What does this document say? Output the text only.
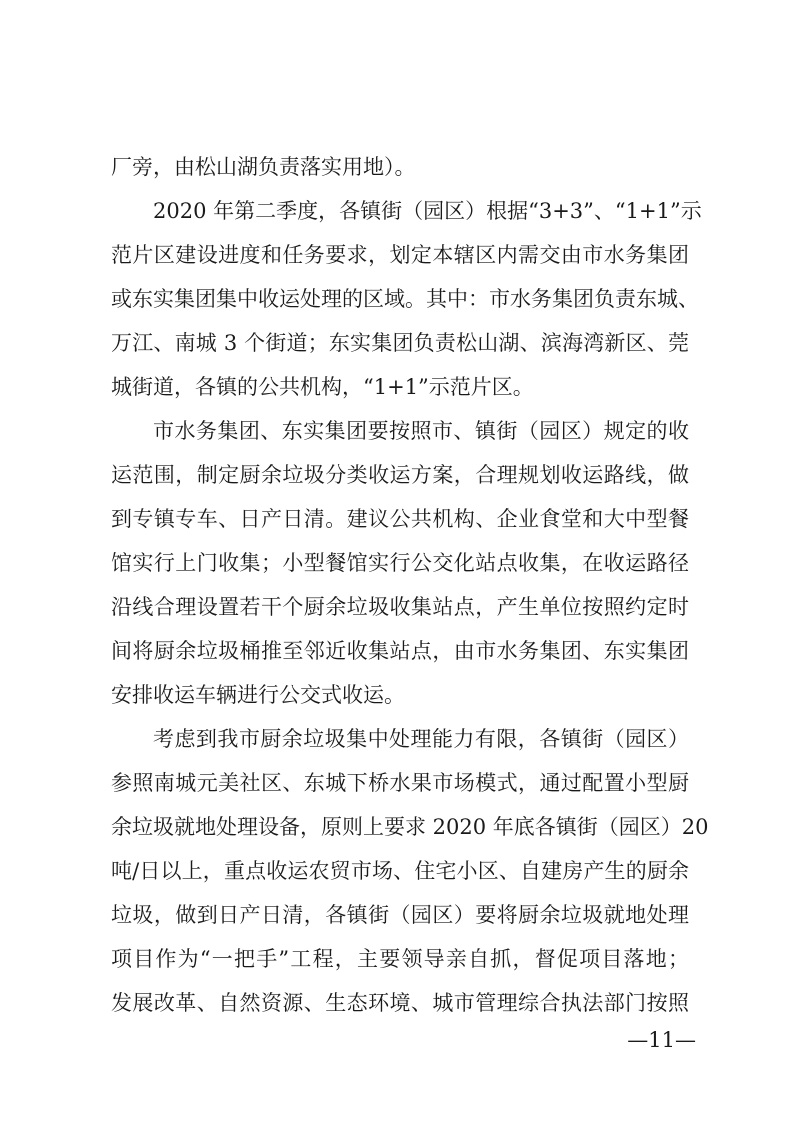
厂旁，由松山湖负责落实用地）。
2020 年第二季度，各镇街（园区）根据“3+3”、“1+1”示
范片区建设进度和任务要求，划定本辖区内需交由市水务集团
或东实集团集中收运处理的区域。其中：市水务集团负责东城、
万江、南城 3 个街道；东实集团负责松山湖、滨海湾新区、莞
城街道，各镇的公共机构，“1+1”示范片区。
市水务集团、东实集团要按照市、镇街（园区）规定的收
运范围，制定厨余垃圾分类收运方案，合理规划收运路线，做
到专镇专车、日产日清。建议公共机构、企业食堂和大中型餐
馆实行上门收集；小型餐馆实行公交化站点收集，在收运路径
沿线合理设置若干个厨余垃圾收集站点，产生单位按照约定时
间将厨余垃圾桶推至邻近收集站点，由市水务集团、东实集团
安排收运车辆进行公交式收运。
考虑到我市厨余垃圾集中处理能力有限，各镇街（园区）
参照南城元美社区、东城下桥水果市场模式，通过配置小型厨
余垃圾就地处理设备，原则上要求 2020 年底各镇街（园区）20
吨/日以上，重点收运农贸市场、住宅小区、自建房产生的厨余
垃圾，做到日产日清，各镇街（园区）要将厨余垃圾就地处理
项目作为“一把手”工程，主要领导亲自抓，督促项目落地；
发展改革、自然资源、生态环境、城市管理综合执法部门按照
—11—
